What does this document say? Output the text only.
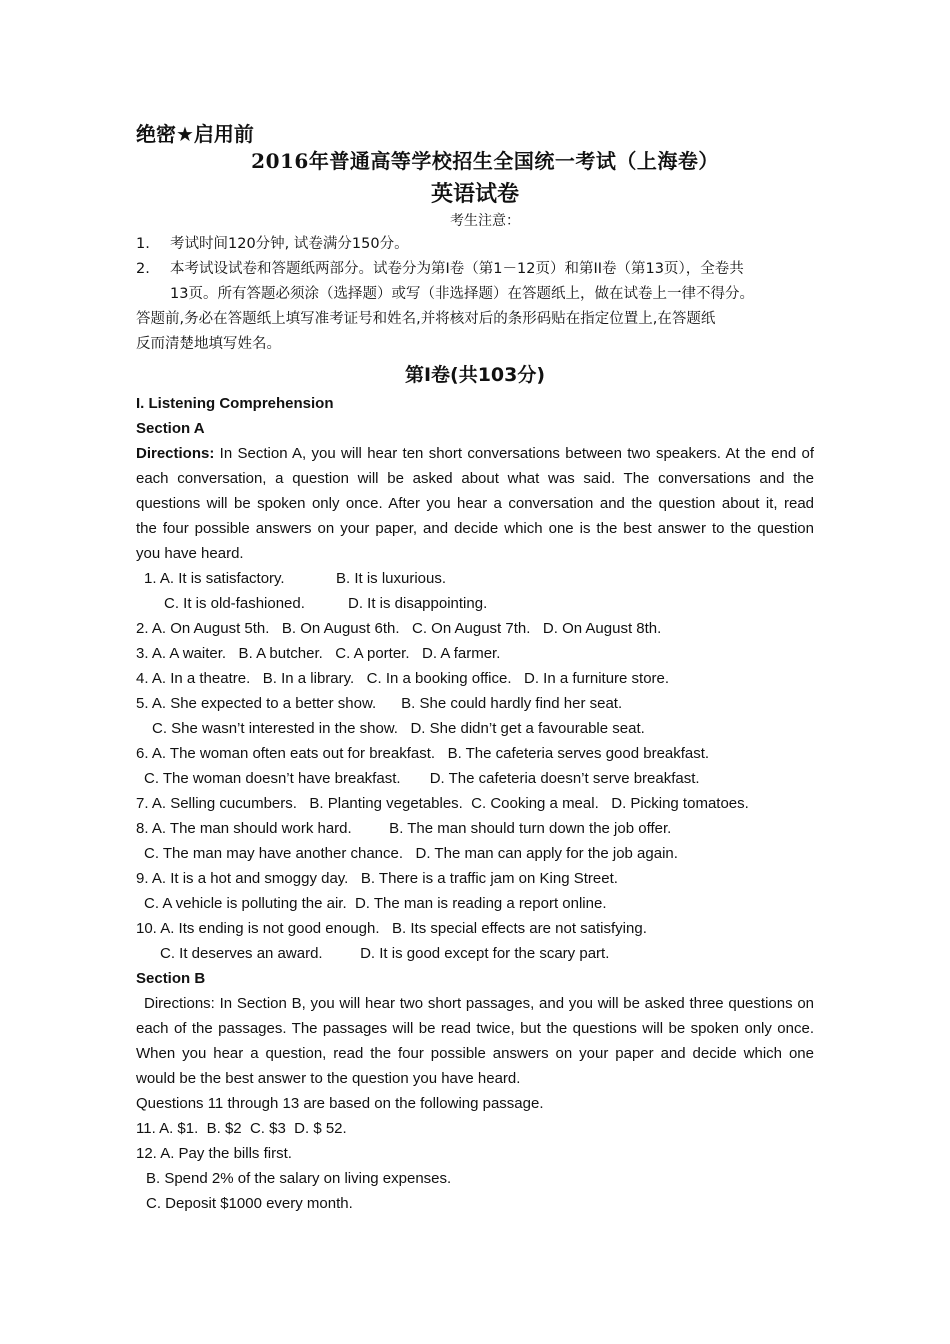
绝密★启用前
2016年普通高等学校招生全国统一考试（上海卷）
英语试卷
考生注意：
1. 考试时间120分钟, 试卷满分150分。
2. 本考试设试卷和答题纸两部分。试卷分为第I卷（第1－12页）和第II卷（第13页），全卷共
13页。所有答题必须涂（选择题）或写（非选择题）在答题纸上，做在试卷上一律不得分。
答题前,务必在答题纸上填写准考证号和姓名,并将核对后的条形码贴在指定位置上,在答题纸
反而清楚地填写姓名。
第I卷(共103分)
I. Listening Comprehension
Section A
Directions: In Section A, you will hear ten short conversations between two speakers. At the end of
each conversation, a question will be asked about what was said. The conversations and the
questions will be spoken only once. After you hear a conversation and the question about it, read
the four possible answers on your paper, and decide which one is the best answer to the question
you have heard.
1. A. It is satisfactory.	B. It is luxurious.
C. It is old-fashioned.	D. It is disappointing.
2. A. On August 5th.   B. On August 6th.   C. On August 7th.   D. On August 8th.
3. A. A waiter.   B. A butcher.   C. A porter.   D. A farmer.
4. A. In a theatre.   B. In a library.   C. In a booking office.   D. In a furniture store.
5. A. She expected to a better show.      B. She could hardly find her seat.
C. She wasn’t interested in the show.   D. She didn’t get a favourable seat.
6. A. The woman often eats out for breakfast.   B. The cafeteria serves good breakfast.
C. The woman doesn’t have breakfast.       D. The cafeteria doesn’t serve breakfast.
7. A. Selling cucumbers.   B. Planting vegetables.  C. Cooking a meal.   D. Picking tomatoes.
8. A. The man should work hard.         B. The man should turn down the job offer.
C. The man may have another chance.   D. The man can apply for the job again.
9. A. It is a hot and smoggy day.   B. There is a traffic jam on King Street.
C. A vehicle is polluting the air.  D. The man is reading a report online.
10. A. Its ending is not good enough.   B. Its special effects are not satisfying.
C. It deserves an award.         D. It is good except for the scary part.
Section B
Directions: In Section B, you will hear two short passages, and you will be asked three questions on
each of the passages. The passages will be read twice, but the questions will be spoken only once.
When you hear a question, read the four possible answers on your paper and decide which one
would be the best answer to the question you have heard.
Questions 11 through 13 are based on the following passage.
11. A. $1.  B. $2  C. $3  D. $ 52.
12. A. Pay the bills first.
B. Spend 2% of the salary on living expenses.
C. Deposit $1000 every month.
